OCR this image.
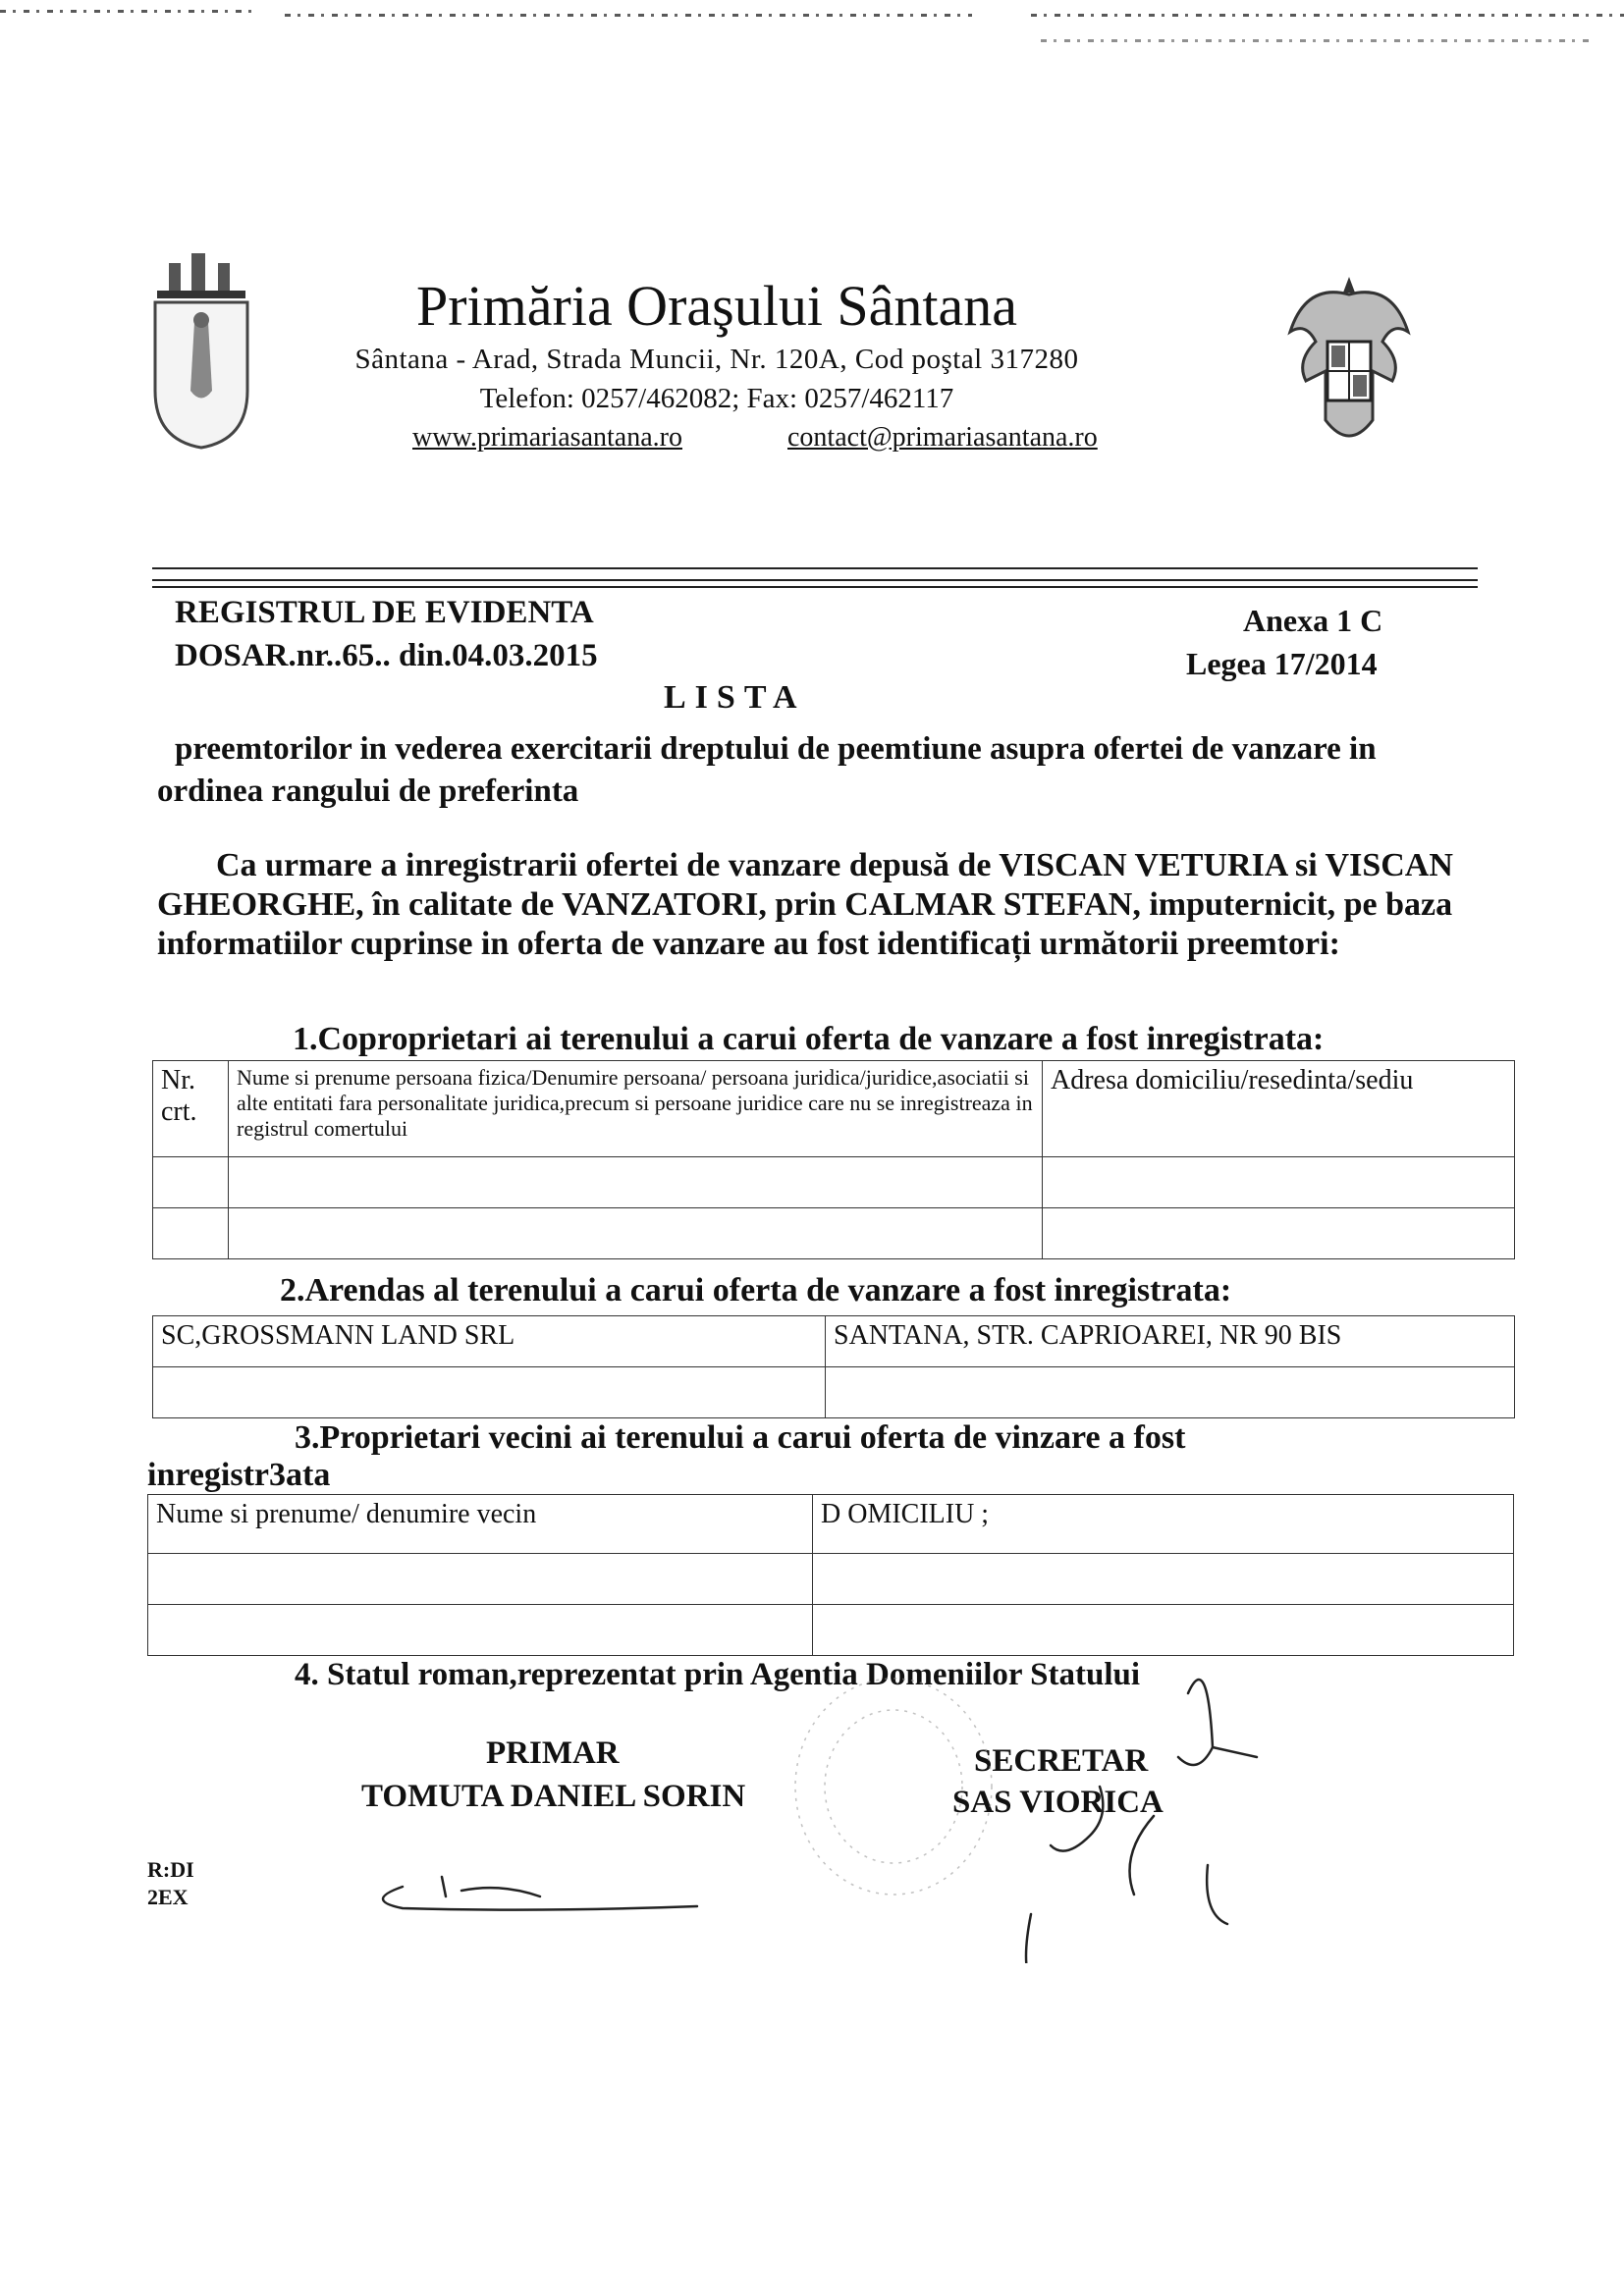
Primăria Oraşului Sântana
Sântana - Arad, Strada Muncii, Nr. 120A, Cod poştal 317280
Telefon: 0257/462082; Fax: 0257/462117
www.primariasantana.ro	contact@primariasantana.ro
REGISTRUL DE EVIDENTA
DOSAR.nr..65.. din.04.03.2015
Anexa 1 C
Legea 17/2014
LISTA
preemtorilor in vederea exercitarii dreptului de peemtiune asupra ofertei de vanzare in ordinea rangului de preferinta
Ca urmare a inregistrarii ofertei de vanzare depusă de VISCAN VETURIA si VISCAN GHEORGHE, în calitate de VANZATORI, prin CALMAR STEFAN, imputernicit, pe baza informatiilor cuprinse in oferta de vanzare au fost identificați următorii preemtori:
1.Coproprietari ai terenului a carui oferta de vanzare a fost inregistrata:
Nr. crt.	Nume si prenume persoana fizica/Denumire persoana/ persoana juridica/juridice,asociatii si alte entitati fara personalitate juridica,precum si persoane juridice care nu se inregistreaza in registrul comertului	Adresa domiciliu/resedinta/sediu

2.Arendas al terenului a carui oferta de vanzare a fost inregistrata:
SC,GROSSMANN LAND SRL	SANTANA, STR. CAPRIOAREI, NR 90 BIS

3.Proprietari vecini ai terenului a carui oferta de vinzare a fost
inregistr3ata
Nume si prenume/ denumire vecin	D OMICILIU ;

4. Statul roman,reprezentat prin Agentia Domeniilor Statului
PRIMAR
TOMUTA DANIEL SORIN
SECRETAR
SAS VIORICA
R:DI
2EX
